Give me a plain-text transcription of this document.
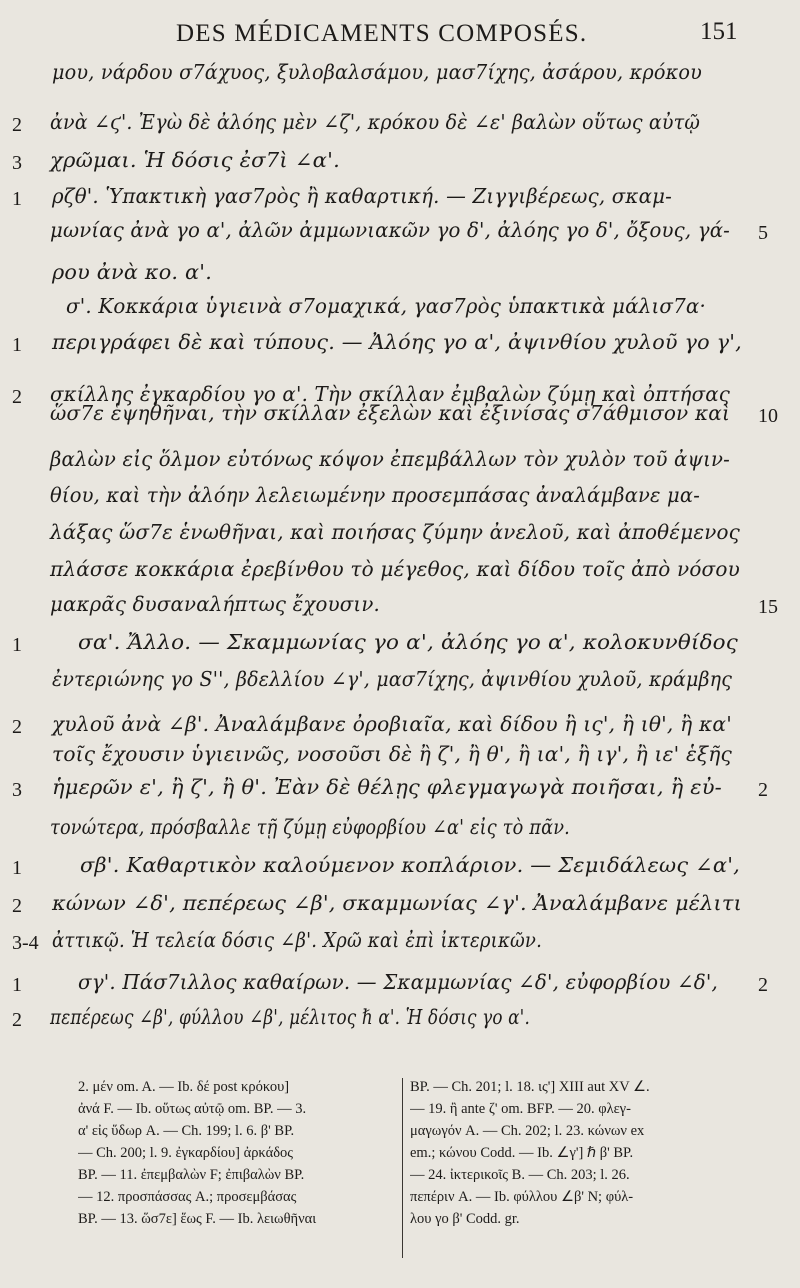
DES MÉDICAMENTS COMPOSÉS.	151
μου, νάρδου σ7άχυος, ξυλοβαλσάμου, μασ7ίχης, ἀσάρου, κρόκου
2	ἀνὰ ∠ϛ'. Ἐγὼ δὲ ἀλόης μὲν ∠ζ', κρόκου δὲ ∠ε' βαλὼν οὕτως αὐτῷ
3	χρῶμαι. Ἡ δόσις ἐσ7ὶ ∠α'.
1	ρζθ'. Ὑπακτικὴ γασ7ρὸς ἢ καθαρτική. — Ζιγγιβέρεως, σκαμ-
μωνίας ἀνὰ γο α', ἀλῶν ἀμμωνιακῶν γο δ', ἀλόης γο δ', ὄξους, γά- 5
ρου ἀνὰ κο. α'.
σ'. Κοκκάρια ὑγιεινὰ σ7ομαχικά, γασ7ρὸς ὑπακτικὰ μάλισ7α·
1	περιγράφει δὲ καὶ τύπους. — Ἀλόης γο α', ἀψινθίου χυλοῦ γο γ',
2	σκίλλης ἐγκαρδίου γο α'. Τὴν σκίλλαν ἐμβαλὼν ζύμῃ καὶ ὀπτήσας
ὥσ7ε ἑψηθῆναι, τὴν σκίλλαν ἐξελὼν καὶ ἐξινίσας σ7άθμισον καὶ 10
βαλὼν εἰς ὅλμον εὐτόνως κόψον ἐπεμβάλλων τὸν χυλὸν τοῦ ἀψιν-
θίου, καὶ τὴν ἀλόην λελειωμένην προσεμπάσας ἀναλάμβανε μα-
λάξας ὥσ7ε ἑνωθῆναι, καὶ ποιήσας ζύμην ἀνελοῦ, καὶ ἀποθέμενος
πλάσσε κοκκάρια ἐρεβίνθου τὸ μέγεθος, καὶ δίδου τοῖς ἀπὸ νόσου
μακρᾶς δυσαναλήπτως ἔχουσιν.	15
1	σα'. Ἄλλο. — Σκαμμωνίας γο α', ἀλόης γο α', κολοκυνθίδος
ἐντεριώνης γο S'', βδελλίου ∠γ', μασ7ίχης, ἀψινθίου χυλοῦ, κράμβης
2	χυλοῦ ἀνὰ ∠β'. Ἀναλάμβανε ὀροβιαῖα, καὶ δίδου ἢ ις', ἢ ιθ', ἢ κα'
τοῖς ἔχουσιν ὑγιεινῶς, νοσοῦσι δὲ ἢ ζ', ἢ θ', ἢ ια', ἢ ιγ', ἢ ιε' ἑξῆς
3	ἡμερῶν ε', ἢ ζ', ἢ θ'. Ἐὰν δὲ θέλῃς φλεγμαγωγὰ ποιῆσαι, ἢ εὐ- 2
τονώτερα, πρόσβαλλε τῇ ζύμῃ εὐφορβίου ∠α' εἰς τὸ πᾶν.
1	σβ'. Καθαρτικὸν καλούμενον κοπλάριον. — Σεμιδάλεως ∠α',
2	κώνων ∠δ', πεπέρεως ∠β', σκαμμωνίας ∠γ'. Ἀναλάμβανε μέλιτι
3-4 ἀττικῷ. Ἡ τελεία δόσις ∠β'. Χρῶ καὶ ἐπὶ ἰκτερικῶν.
1	σγ'. Πάσ7ιλλος καθαίρων. — Σκαμμωνίας ∠δ', εὐφορβίου ∠δ', 2
2	πεπέρεως ∠β', φύλλου ∠β', μέλιτος ℏ α'. Ἡ δόσις γο α'.
2. μέν om. A. — Ib. δέ post κρόκου]
ἀνά F. — Ib. οὕτως αὐτῷ om. BP. — 3.
α' εἰς ὕδωρ A. — Ch. 199; l. 6. β' BP.
— Ch. 200; l. 9. ἐγκαρδίου] ἀρκάδος
BP. — 11. ἐπεμβαλὼν F; ἐπιβαλὼν BP.
— 12. προσπάσσας A.; προσεμβάσας
BP. — 13. ὥσ7ε] ἕως F. — Ib. λειωθῆναι
BP. — Ch. 201; l. 18. ις'] XIII aut XV ∠.
— 19. ἢ ante ζ' om. BFP. — 20. φλεγ-
μαγωγόν A. — Ch. 202; l. 23. κώνων ex
em.; κώνου Codd. — Ib. ∠γ'] ℏ β' BP.
— 24. ἰκτερικοῖς B. — Ch. 203; l. 26.
πεπέριν A. — Ib. φύλλου ∠β' N; φύλ-
λου γο β' Codd. gr.
